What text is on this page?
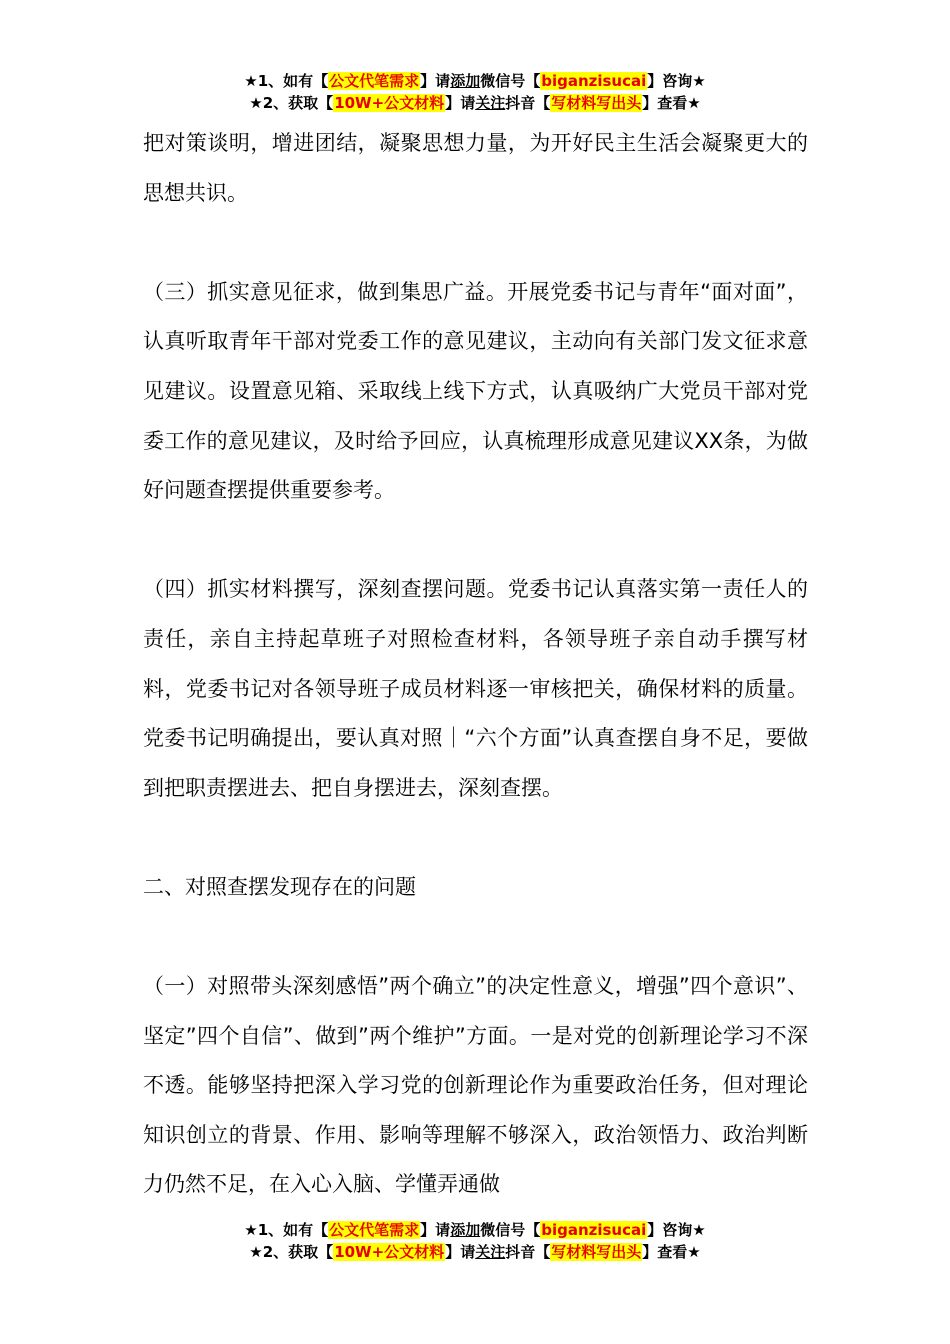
★1、如有【公文代笔需求】请添加微信号【biganzisucai】咨询★
★2、获取【10W+公文材料】请关注抖音【写材料写出头】查看★

把对策谈明，增进团结，凝聚思想力量，为开好民主生活会凝聚更大的思想共识。

（三）抓实意见征求，做到集思广益。开展党委书记与青年“面对面”，认真听取青年干部对党委工作的意见建议，主动向有关部门发文征求意见建议。设置意见箱、采取线上线下方式，认真吸纳广大党员干部对党委工作的意见建议，及时给予回应，认真梳理形成意见建议XX条，为做好问题查摆提供重要参考。

（四）抓实材料撰写，深刻查摆问题。党委书记认真落实第一责任人的责任，亲自主持起草班子对照检查材料，各领导班子亲自动手撰写材料，党委书记对各领导班子成员材料逐一审核把关，确保材料的质量。党委书记明确提出，要认真对照｜“六个方面”认真查摆自身不足，要做到把职责摆进去、把自身摆进去，深刻查摆。

二、对照查摆发现存在的问题

（一）对照带头深刻感悟”两个确立”的决定性意义，增强”四个意识”、坚定”四个自信”、做到”两个维护”方面。一是对党的创新理论学习不深不透。能够坚持把深入学习党的创新理论作为重要政治任务，但对理论知识创立的背景、作用、影响等理解不够深入，政治领悟力、政治判断力仍然不足，在入心入脑、学懂弄通做

★1、如有【公文代笔需求】请添加微信号【biganzisucai】咨询★
★2、获取【10W+公文材料】请关注抖音【写材料写出头】查看★
